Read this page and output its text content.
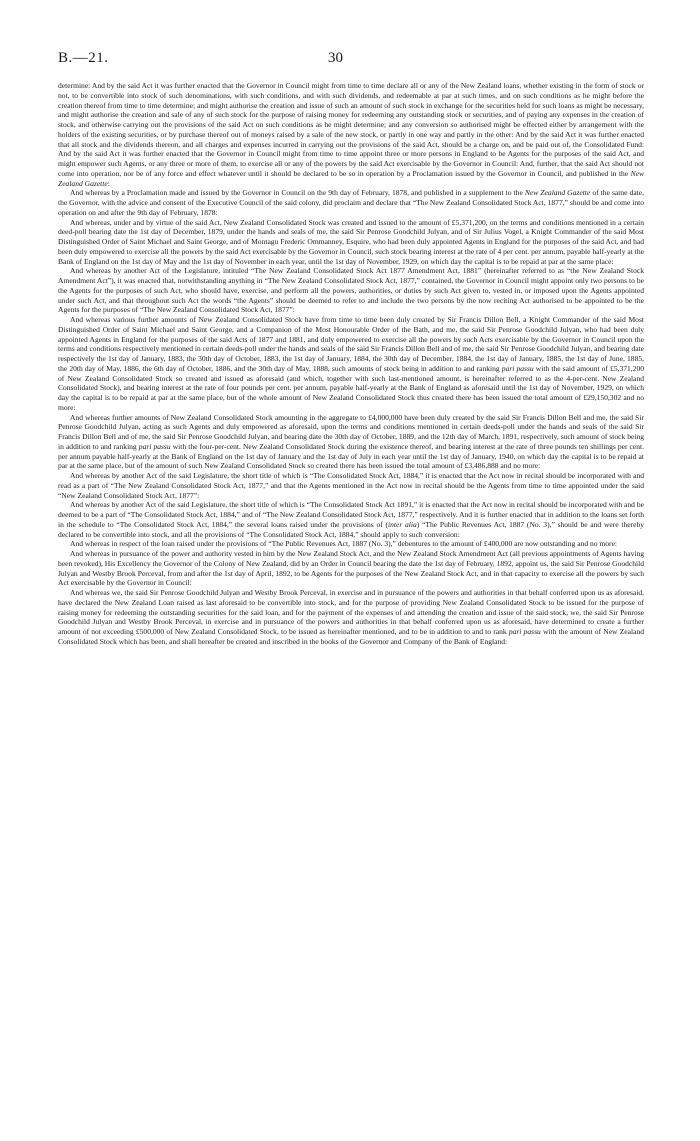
B.—21.	30

determine: And by the said Act it was further enacted that the Governor in Council might from time to time declare all or any of the New Zealand loans, whether existing in the form of stock or not, to be convertible into stock of such denominations, with such conditions, and with such dividends, and redeemable at par at such times, and on such conditions as he might before the creation thereof from time to time determine; and might authorise the creation and issue of such an amount of such stock in exchange for the securities held for such loans as might be necessary, and might authorise the creation and sale of any of such stock for the purpose of raising money for redeeming any outstanding stock or securities, and of paying any expenses in the creation of stock, and otherwise carrying out the provisions of the said Act on such conditions as he might determine; and any conversion so authorised might be effected either by arrangement with the holders of the existing securities, or by purchase thereof out of moneys raised by a sale of the new stock, or partly in one way and partly in the other: And by the said Act it was further enacted that all stock and the dividends thereon, and all charges and expenses incurred in carrying out the provisions of the said Act, should be a charge on, and be paid out of, the Consolidated Fund: And by the said Act it was further enacted that the Governor in Council might from time to time appoint three or more persons in England to be Agents for the purposes of the said Act, and might empower such Agents, or any three or more of them, to exercise all or any of the powers by the said Act exercisable by the Governor in Council: And, further, that the said Act should not come into operation, nor be of any force and effect whatever until it should be declared to be so in operation by a Proclamation issued by the Governor in Council, and published in the New Zealand Gazette:

And whereas by a Proclamation made and issued by the Governor in Council on the 9th day of February, 1878, and published in a supplement to the New Zealand Gazette of the same date, the Governor, with the advice and consent of the Executive Council of the said colony, did proclaim and declare that “The New Zealand Consolidated Stock Act, 1877,” should be and come into operation on and after the 9th day of February, 1878:

And whereas, under and by virtue of the said Act, New Zealand Consolidated Stock was created and issued to the amount of £5,371,200, on the terms and conditions mentioned in a certain deed-poll bearing date the 1st day of December, 1879, under the hands and seals of me, the said Sir Penrose Goodchild Julyan, and of Sir Julius Vogel, a Knight Commander of the said Most Distinguished Order of Saint Michael and Saint George, and of Montagu Frederic Ommanney, Esquire, who had been duly appointed Agents in England for the purposes of the said Act, and had been duly empowered to exercise all the powers by the said Act exercisable by the Governor in Council, such stock bearing interest at the rate of 4 per cent. per annum, payable half-yearly at the Bank of England on the 1st day of May and the 1st day of November in each year, until the 1st day of November, 1929, on which day the capital is to be repaid at par at the same place:

And whereas by another Act of the Legislature, intituled “The New Zealand Consolidated Stock Act 1877 Amendment Act, 1881” (hereinafter referred to as “the New Zealand Stock Amendment Act”), it was enacted that, notwithstanding anything in “The New Zealand Consolidated Stock Act, 1877,” contained, the Governor in Council might appoint only two persons to be the Agents for the purposes of such Act, who should have, exercise, and perform all the powers, authorities, or duties by such Act given to, vested in, or imposed upon the Agents appointed under such Act, and that throughout such Act the words “the Agents” should be deemed to refer to and include the two persons by the now reciting Act authorised to be appointed to be the Agents for the purposes of “The New Zealand Consolidated Stock Act, 1877”:

And whereas various further amounts of New Zealand Consolidated Stock have from time to time been duly created by Sir Francis Dillon Bell, a Knight Commander of the said Most Distinguished Order of Saint Michael and Saint George, and a Companion of the Most Honourable Order of the Bath, and me, the said Sir Penrose Goodchild Julyan, who had been duly appointed Agents in England for the purposes of the said Acts of 1877 and 1881, and duly empowered to exercise all the powers by such Acts exercisable by the Governor in Council upon the terms and conditions respectively mentioned in certain deeds-poll under the hands and seals of the said Sir Francis Dillon Bell and of me, the said Sir Penrose Goodchild Julyan, and bearing date respectively the 1st day of January, 1883, the 30th day of October, 1883, the 1st day of January, 1884, the 30th day of December, 1884, the 1st day of January, 1885, the 1st day of June, 1885, the 20th day of May, 1886, the 6th day of October, 1886, and the 30th day of May, 1888, such amounts of stock being in addition to and ranking pari passu with the said amount of £5,371,200 of New Zealand Consolidated Stock so created and issued as aforesaid (and which, together with such last-mentioned amount, is hereinafter referred to as the 4-per-cent. New Zealand Consolidated Stock), and bearing interest at the rate of four pounds per cent. per annum, payable half-yearly at the Bank of England as aforesaid until the 1st day of November, 1929, on which day the capital is to be repaid at par at the same place, but of the whole amount of New Zealand Consolidated Stock thus created there has been issued the total amount of £29,150,302 and no more:

And whereas further amounts of New Zealand Consolidated Stock amounting in the aggregate to £4,000,000 have been duly created by the said Sir Francis Dillon Bell and me, the said Sir Penrose Goodchild Julyan, acting as such Agents and duly empowered as aforesaid, upon the terms and conditions mentioned in certain deeds-poll under the hands and seals of the said Sir Francis Dillon Bell and of me, the said Sir Penrose Goodchild Julyan, and bearing date the 30th day of October, 1889, and the 12th day of March, 1891, respectively, such amount of stock being in addition to and ranking pari passu with the four-per-cent. New Zealand Consolidated Stock during the existence thereof, and bearing interest at the rate of three pounds ten shillings per cent. per annum payable half-yearly at the Bank of England on the 1st day of January and the 1st day of July in each year until the 1st day of January, 1940, on which day the capital is to be repaid at par at the same place, but of the amount of such New Zealand Consolidated Stock so created there has been issued the total amount of £3,486,888 and no more:

And whereas by another Act of the said Legislature, the short title of which is “The Consolidated Stock Act, 1884,” it is enacted that the Act now in recital should be incorporated with and read as a part of “The New Zealand Consolidated Stock Act, 1877,” and that the Agents mentioned in the Act now in recital should be the Agents from time to time appointed under the said “New Zealand Consolidated Stock Act, 1877”:

And whereas by another Act of the said Legislature, the short title of which is “The Consolidated Stock Act 1891,” it is enacted that the Act now in recital should be incorporated with and be deemed to be a part of “The Consolidated Stock Act, 1884,” and of “The New Zealand Consolidated Stock Act, 1877,” respectively. And it is further enacted that in addition to the loans set forth in the schedule to “The Consolidated Stock Act, 1884,” the several loans raised under the provisions of (inter alia) “The Public Revenues Act, 1887 (No. 3),” should be and were thereby declared to be convertible into stock, and all the provisions of “The Consolidated Stock Act, 1884,” should apply to such conversion:

And whereas in respect of the loan raised under the provisions of “The Public Revenues Act, 1887 (No. 3),” debentures to the amount of £400,000 are now outstanding and no more:

And whereas in pursuance of the power and authority vested in him by the New Zealand Stock Act, and the New Zealand Stock Amendment Act (all previous appointments of Agents having been revoked), His Excellency the Governor of the Colony of New Zealand, did by an Order in Council bearing the date the 1st day of February, 1892, appoint us, the said Sir Penrose Goodchild Julyan and Westby Brook Perceval, from and after the 1st day of April, 1892, to be Agents for the purposes of the New Zealand Stock Act, and in that capacity to exercise all the powers by such Act exercisable by the Governor in Council:

And whereas we, the said Sir Penrose Goodchild Julyan and Westby Brook Perceval, in exercise and in pursuance of the powers and authorities in that behalf conferred upon us as aforesaid, have declared the New Zealand Loan raised as last aforesaid to be convertible into stock, and for the purpose of providing New Zealand Consolidated Stock to be issued for the purpose of raising money for redeeming the outstanding securities for the said loan, and for the payment of the expenses of and attending the creation and issue of the said stock, we, the said Sir Penrose Goodchild Julyan and Westby Brook Perceval, in exercise and in pursuance of the powers and authorities in that behalf conferred upon us as aforesaid, have determined to create a further amount of not exceeding £500,000 of New Zealand Consolidated Stock, to be issued as hereinafter mentioned, and to be in addition to and to rank pari passu with the amount of New Zealand Consolidated Stock which has been, and shall hereafter be created and inscribed in the books of the Governor and Company of the Bank of England:
